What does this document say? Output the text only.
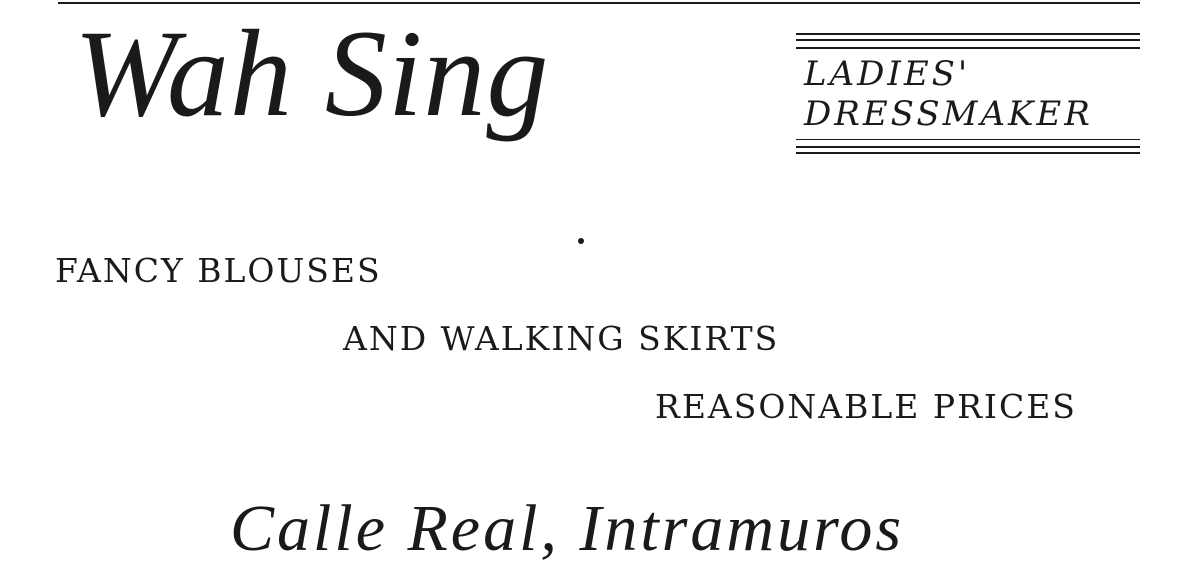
Wah Sing	LADIES'
DRESSMAKER
FANCY BLOUSES
AND WALKING SKIRTS
REASONABLE PRICES
Calle Real, Intramuros
